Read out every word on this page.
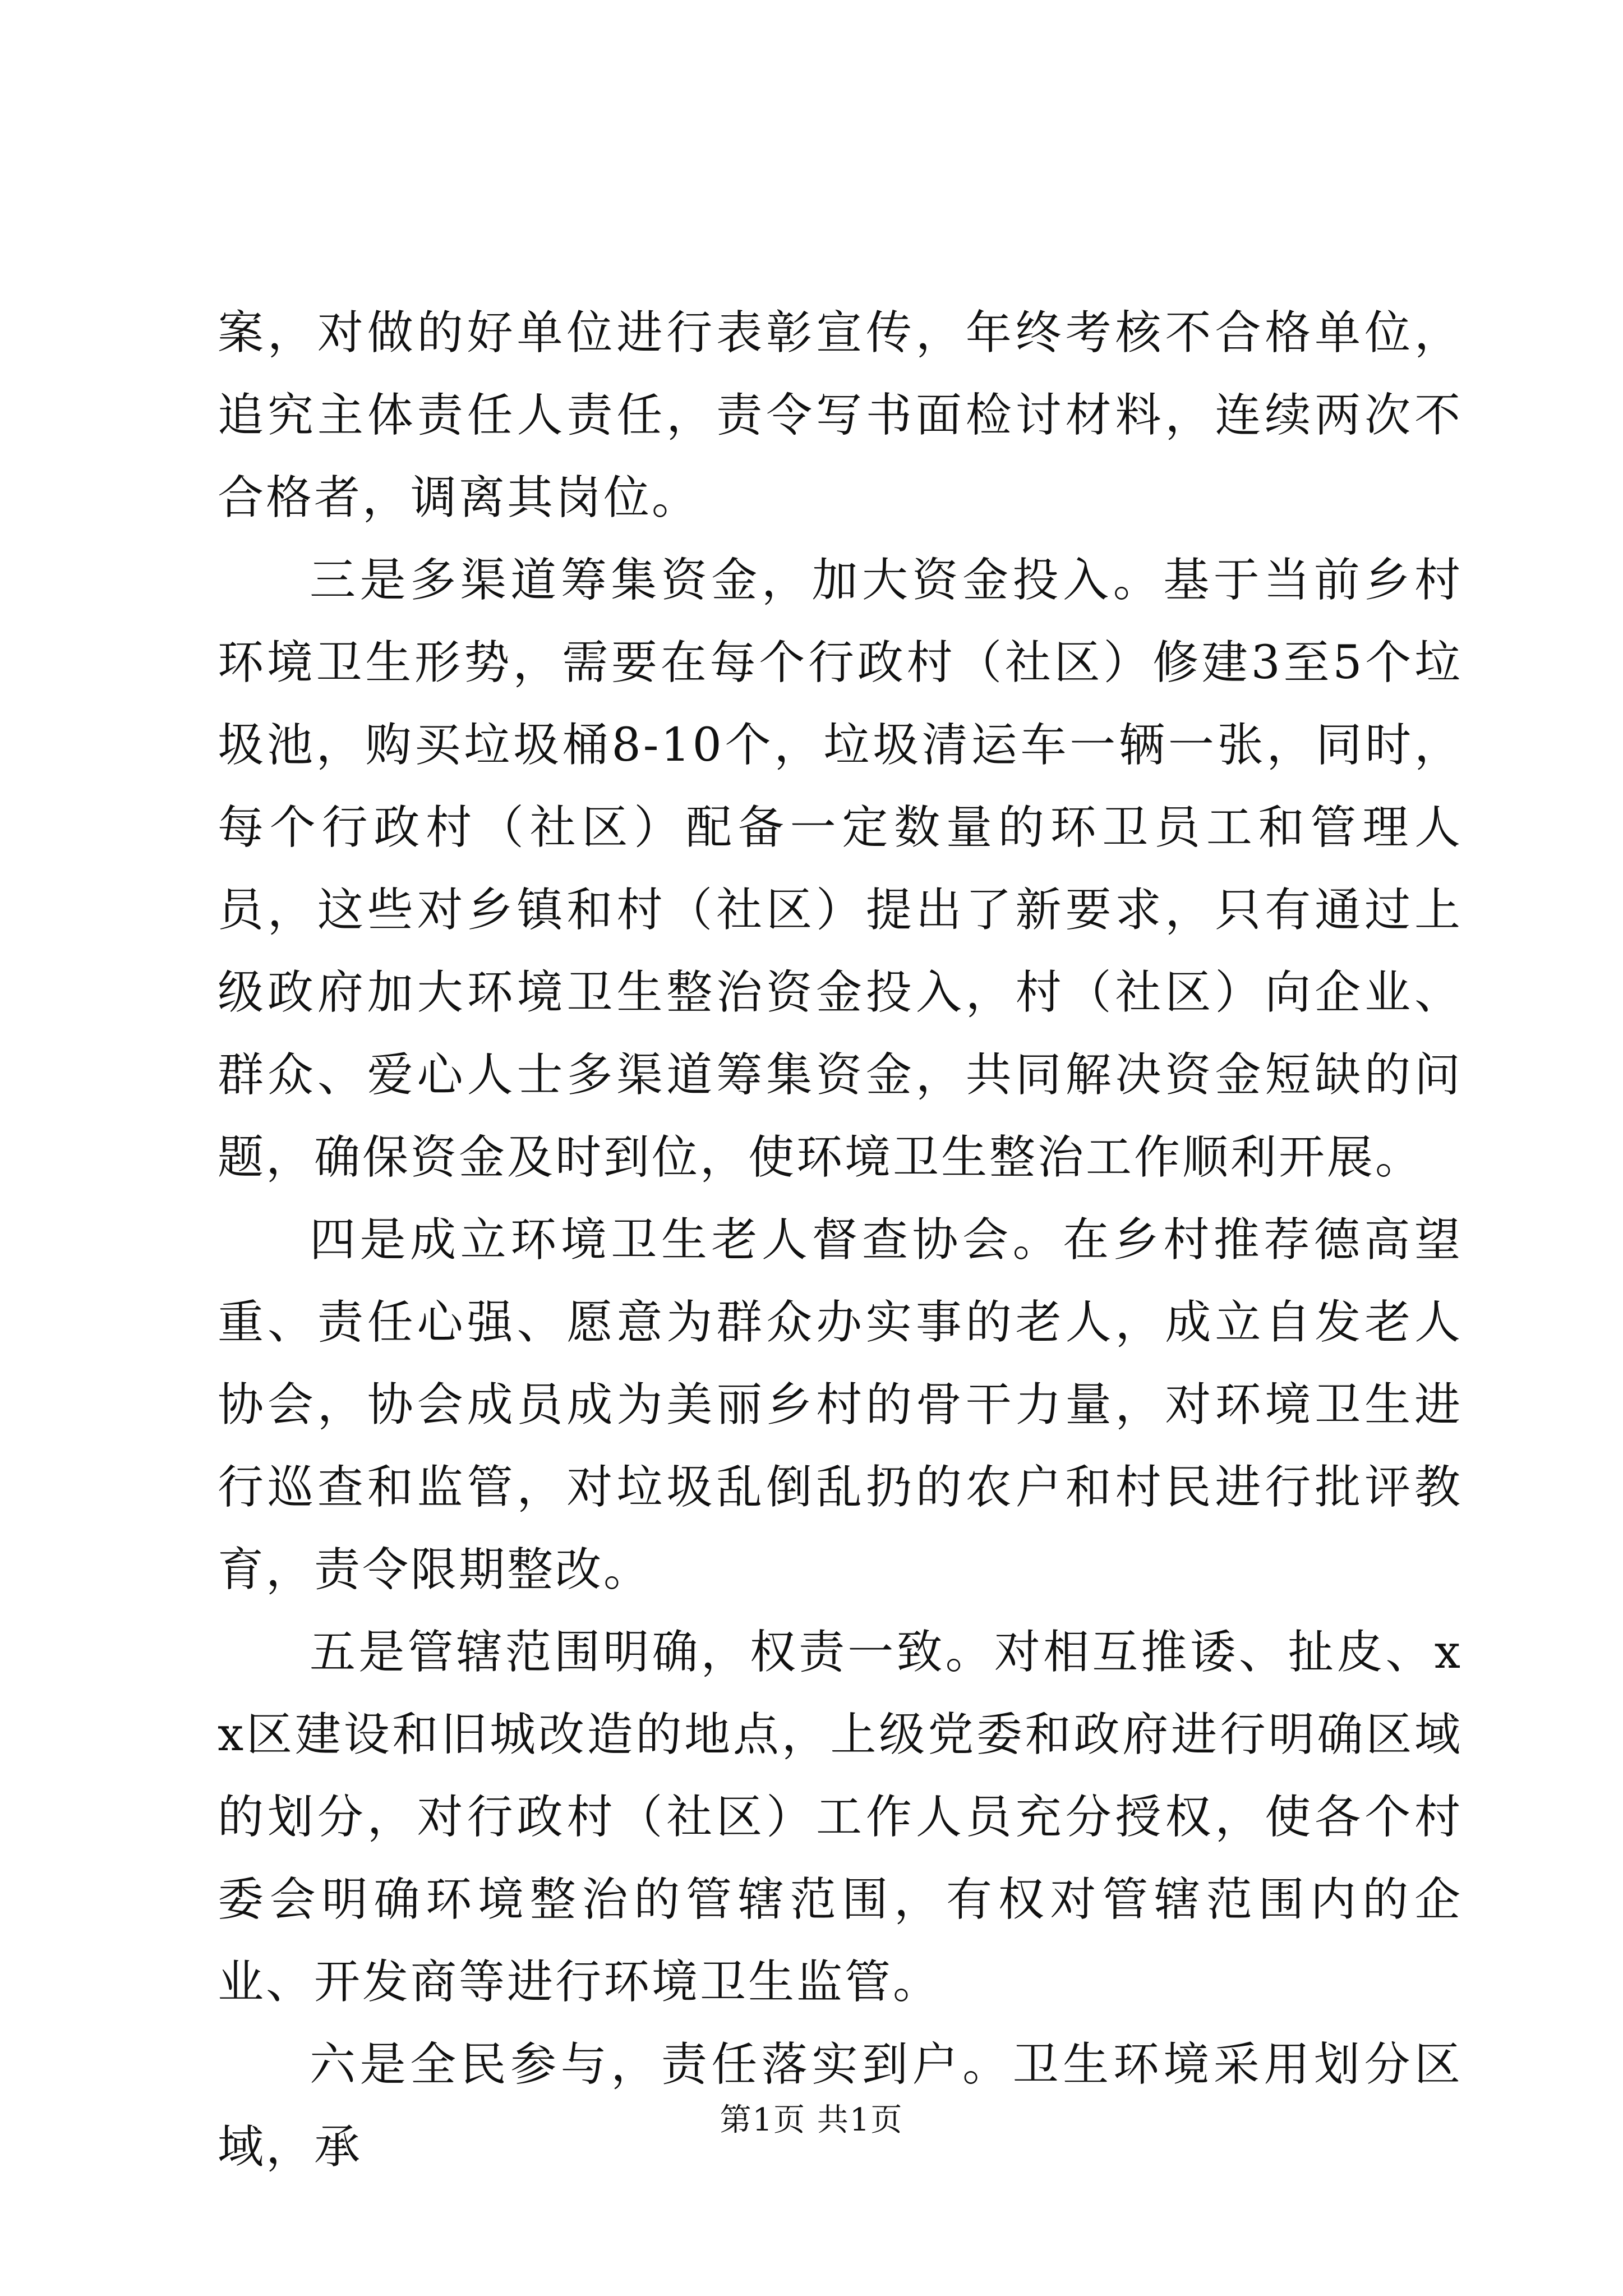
案，对做的好单位进行表彰宣传，年终考核不合格单位，追究主体责任人责任，责令写书面检讨材料，连续两次不合格者，调离其岗位。

三是多渠道筹集资金，加大资金投入。基于当前乡村环境卫生形势，需要在每个行政村（社区）修建3至5个垃圾池，购买垃圾桶8-10个，垃圾清运车一辆一张，同时，每个行政村（社区）配备一定数量的环卫员工和管理人员，这些对乡镇和村（社区）提出了新要求，只有通过上级政府加大环境卫生整治资金投入，村（社区）向企业、群众、爱心人士多渠道筹集资金，共同解决资金短缺的问题，确保资金及时到位，使环境卫生整治工作顺利开展。

四是成立环境卫生老人督查协会。在乡村推荐德高望重、责任心强、愿意为群众办实事的老人，成立自发老人协会，协会成员成为美丽乡村的骨干力量，对环境卫生进行巡查和监管，对垃圾乱倒乱扔的农户和村民进行批评教育，责令限期整改。

五是管辖范围明确，权责一致。对相互推诿、扯皮、xx区建设和旧城改造的地点，上级党委和政府进行明确区域的划分，对行政村（社区）工作人员充分授权，使各个村委会明确环境整治的管辖范围，有权对管辖范围内的企业、开发商等进行环境卫生监管。

六是全民参与，责任落实到户。卫生环境采用划分区域，承

第1页 共1页
